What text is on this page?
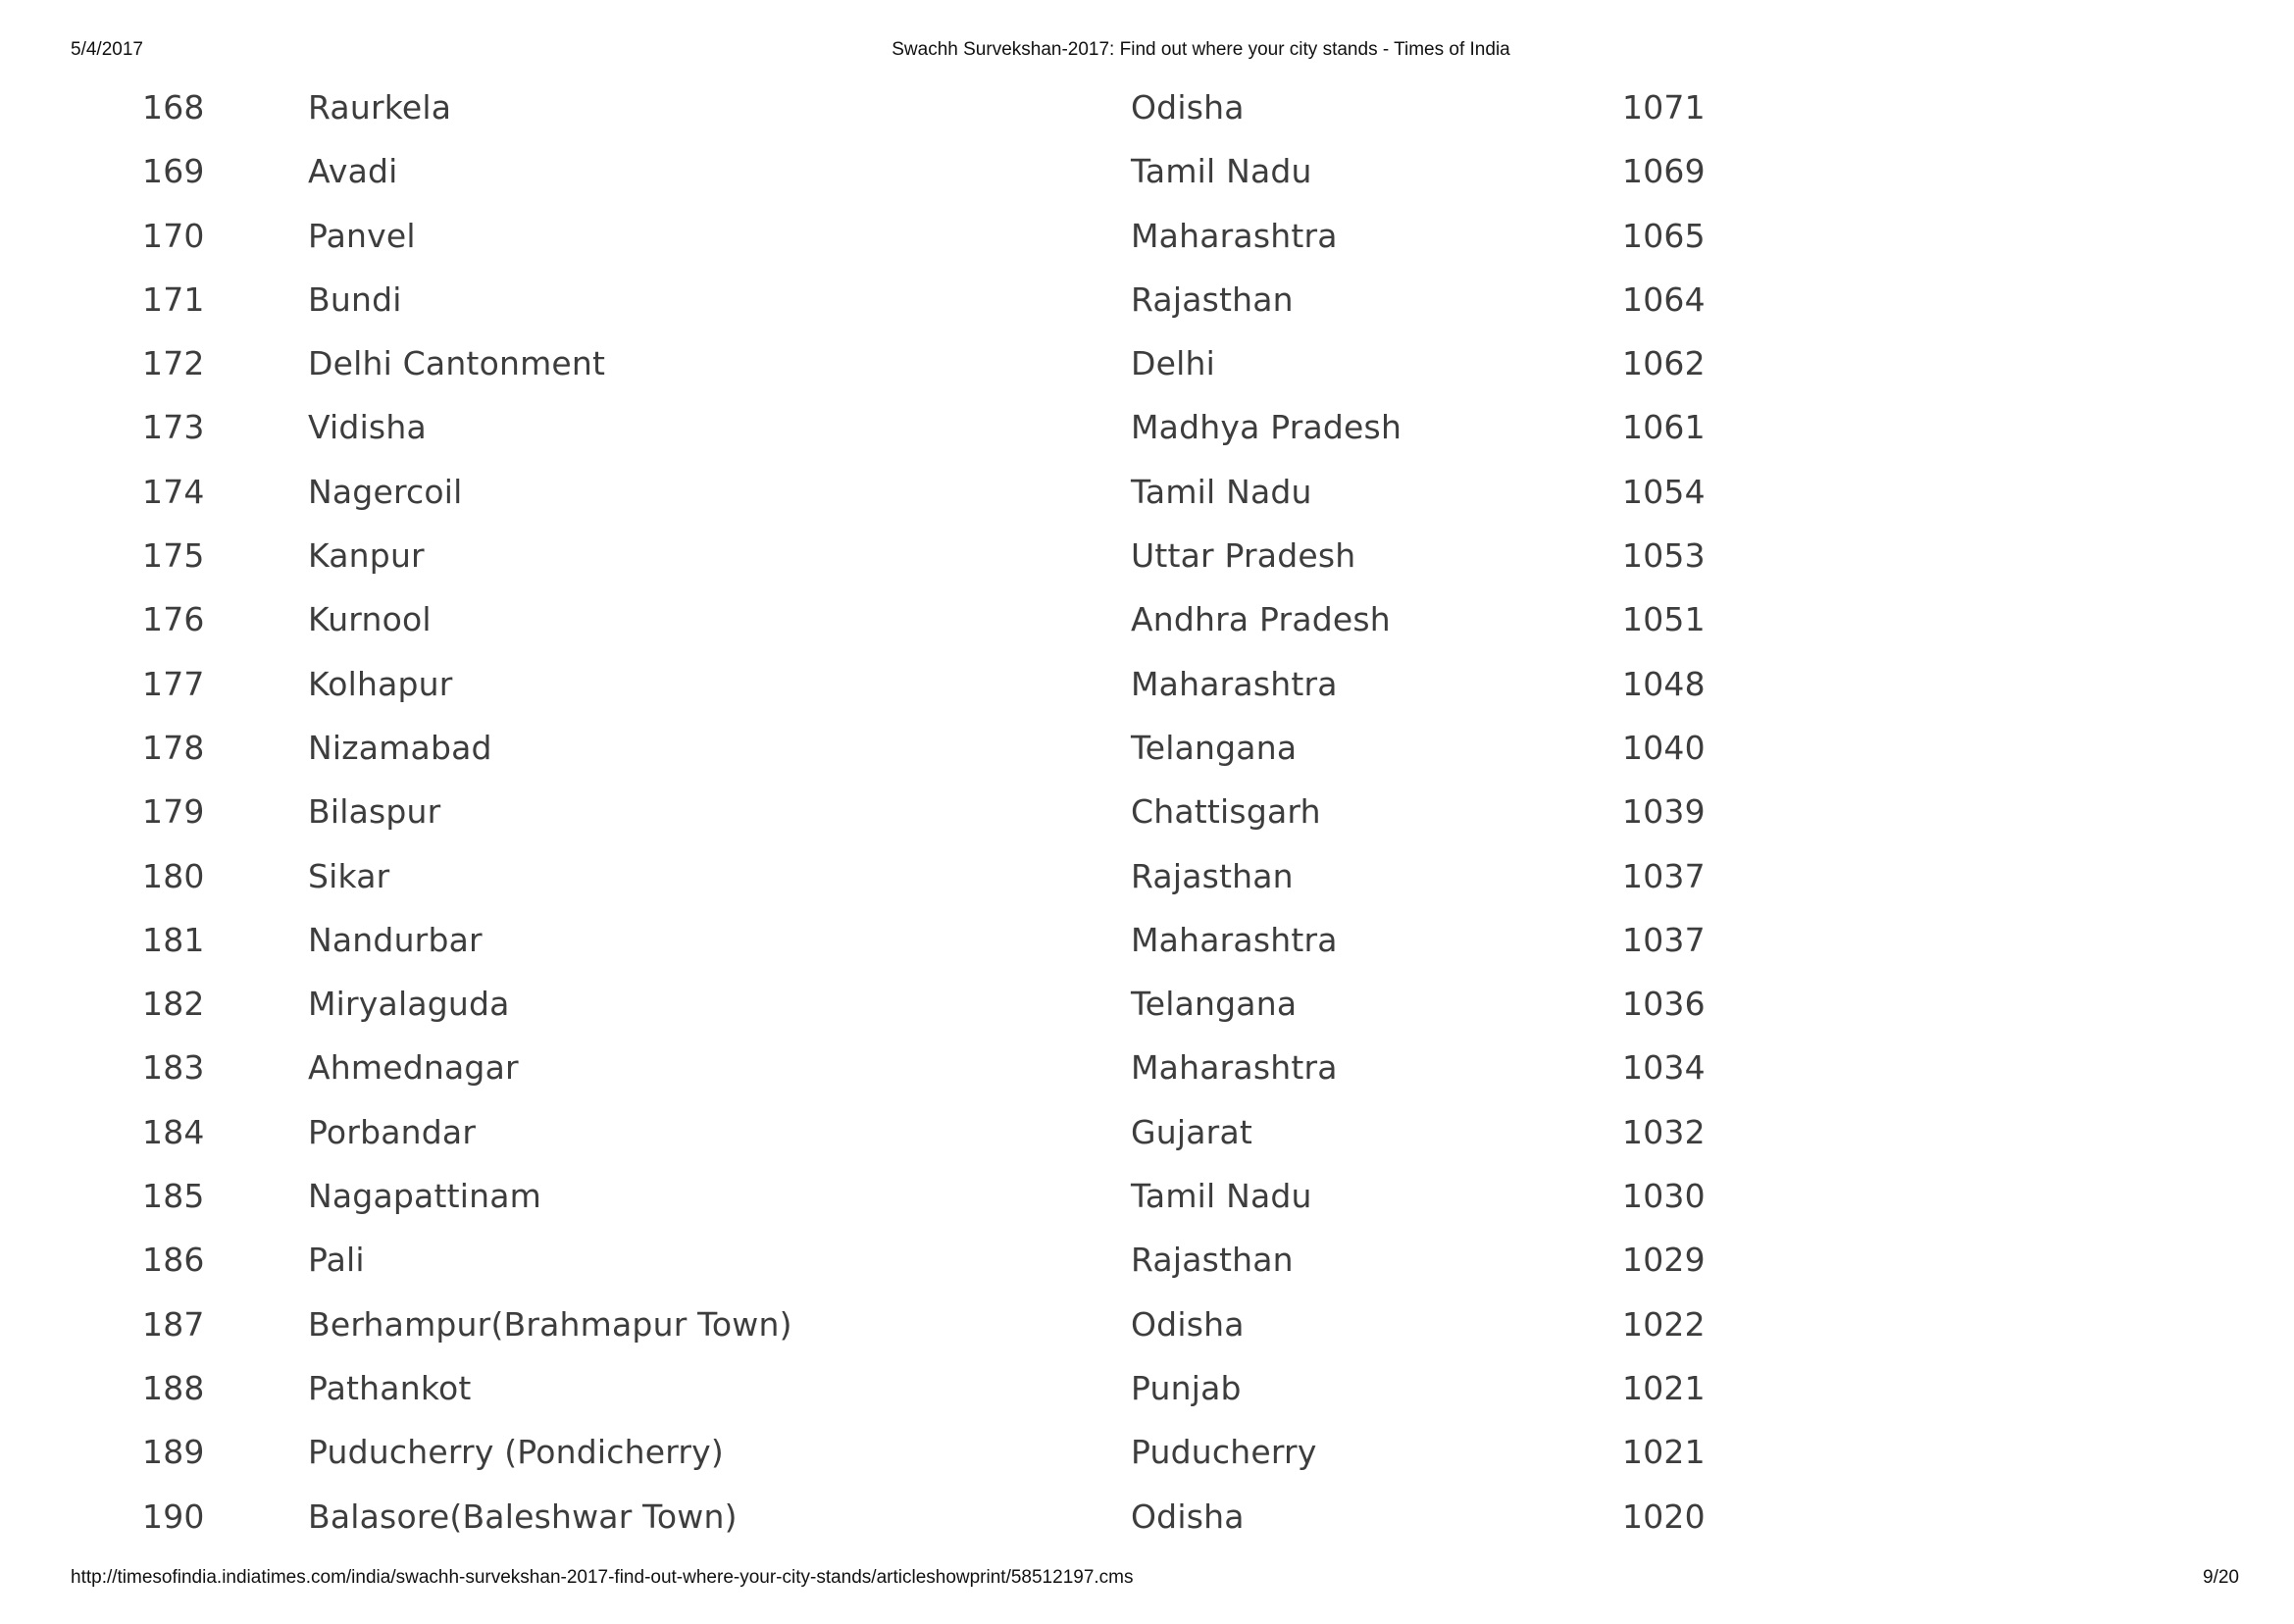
5/4/2017	Swachh Survekshan-2017: Find out where your city stands - Times of India
168	Raurkela	Odisha	1071
169	Avadi	Tamil Nadu	1069
170	Panvel	Maharashtra	1065
171	Bundi	Rajasthan	1064
172	Delhi Cantonment	Delhi	1062
173	Vidisha	Madhya Pradesh	1061
174	Nagercoil	Tamil Nadu	1054
175	Kanpur	Uttar Pradesh	1053
176	Kurnool	Andhra Pradesh	1051
177	Kolhapur	Maharashtra	1048
178	Nizamabad	Telangana	1040
179	Bilaspur	Chattisgarh	1039
180	Sikar	Rajasthan	1037
181	Nandurbar	Maharashtra	1037
182	Miryalaguda	Telangana	1036
183	Ahmednagar	Maharashtra	1034
184	Porbandar	Gujarat	1032
185	Nagapattinam	Tamil Nadu	1030
186	Pali	Rajasthan	1029
187	Berhampur(Brahmapur Town)	Odisha	1022
188	Pathankot	Punjab	1021
189	Puducherry (Pondicherry)	Puducherry	1021
190	Balasore(Baleshwar Town)	Odisha	1020
http://timesofindia.indiatimes.com/india/swachh-survekshan-2017-find-out-where-your-city-stands/articleshowprint/58512197.cms	9/20
